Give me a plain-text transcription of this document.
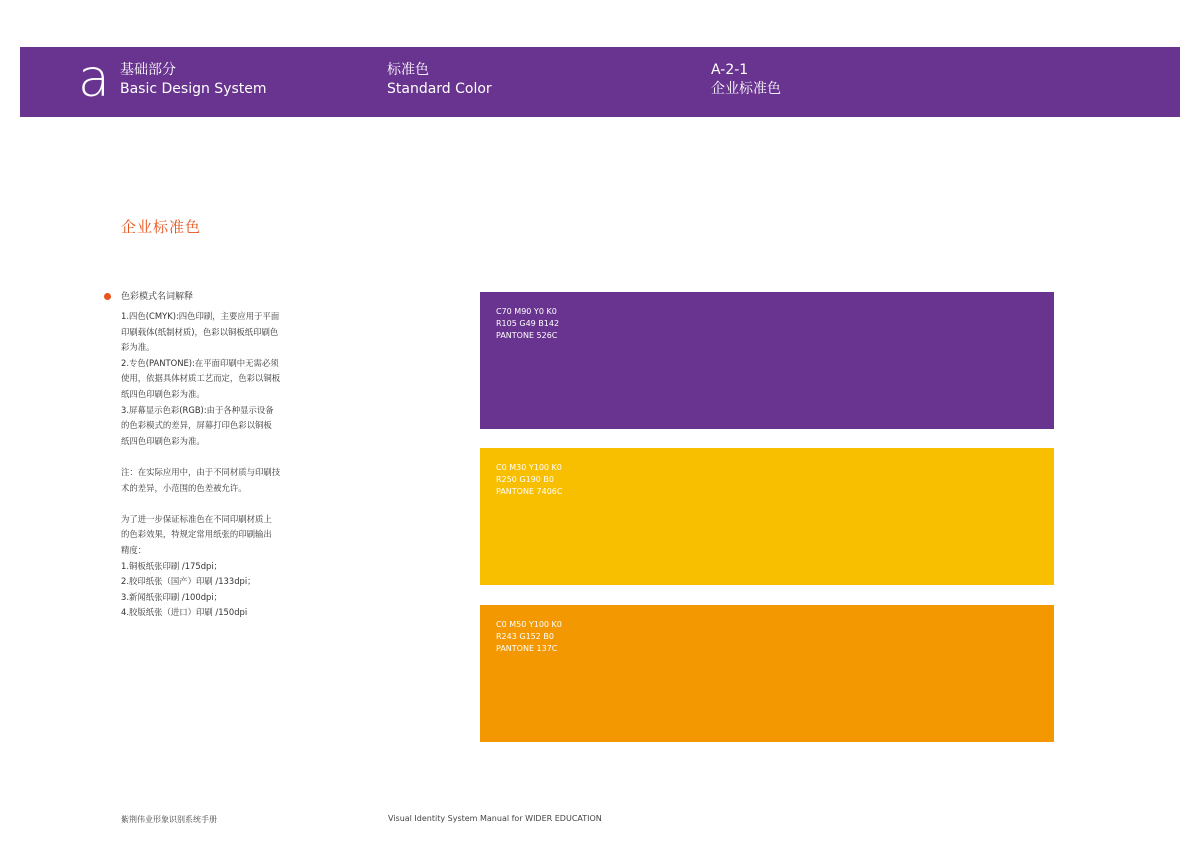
a 基础部分
Basic Design System
标准色
Standard Color
A-2-1
企业标准色
企业标准色
色彩模式名词解释
1.四色(CMYK):四色印刷，主要应用于平面
印刷载体(纸制材质)，色彩以铜板纸印刷色
彩为准。
2.专色(PANTONE):在平面印刷中无需必须
使用，依据具体材质工艺而定，色彩以铜板
纸四色印刷色彩为准。
3.屏幕显示色彩(RGB):由于各种显示设备
的色彩模式的差异，屏幕打印色彩以铜板
纸四色印刷色彩为准。
注：在实际应用中，由于不同材质与印刷技
术的差异，小范围的色差被允许。
为了进一步保证标准色在不同印刷材质上
的色彩效果，特规定常用纸张的印刷输出
精度：
1.铜板纸张印刷 /175dpi；
2.胶印纸张（国产）印刷 /133dpi；
3.新闻纸张印刷 /100dpi；
4.胶版纸张（进口）印刷 /150dpi
C70 M90 Y0 K0
R105 G49 B142
PANTONE 526C
C0 M30 Y100 K0
R250 G190 B0
PANTONE 7406C
C0 M50 Y100 K0
R243 G152 B0
PANTONE 137C
紫荆伟业形象识别系统手册	Visual Identity System Manual for WIDER EDUCATION
